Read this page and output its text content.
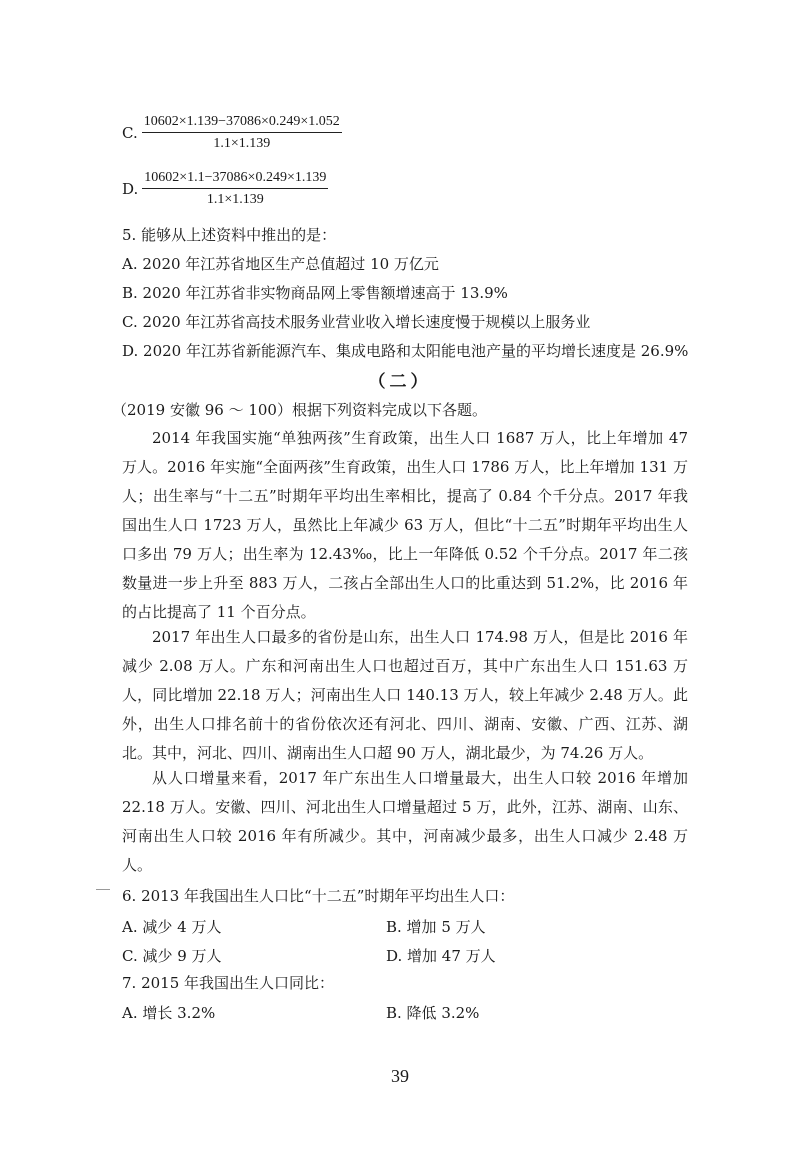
C. $\frac{10602\times 1.139-37086\times 0.249\times 1.052}{1.1\times 1.139}$
D. $\frac{10602\times 1.1-37086\times 0.249\times 1.139}{1.1\times 1.139}$
5. 能够从上述资料中推出的是：
A. 2020 年江苏省地区生产总值超过 10 万亿元
B. 2020 年江苏省非实物商品网上零售额增速高于 13.9%
C. 2020 年江苏省高技术服务业营业收入增长速度慢于规模以上服务业
D. 2020 年江苏省新能源汽车、集成电路和太阳能电池产量的平均增长速度是 26.9%
（二）
（2019 安徽 96 ～ 100）根据下列资料完成以下各题。
2014 年我国实施“单独两孩”生育政策，出生人口 1687 万人，比上年增加 47 万人。2016 年实施“全面两孩”生育政策，出生人口 1786 万人，比上年增加 131 万人；出生率与“十二五”时期年平均出生率相比，提高了 0.84 个千分点。2017 年我国出生人口 1723 万人，虽然比上年减少 63 万人，但比“十二五”时期年平均出生人口多出 79 万人；出生率为 12.43‰，比上一年降低 0.52 个千分点。2017 年二孩数量进一步上升至 883 万人，二孩占全部出生人口的比重达到 51.2%，比 2016 年的占比提高了 11 个百分点。
2017 年出生人口最多的省份是山东，出生人口 174.98 万人，但是比 2016 年减少 2.08 万人。广东和河南出生人口也超过百万，其中广东出生人口 151.63 万人，同比增加 22.18 万人；河南出生人口 140.13 万人，较上年减少 2.48 万人。此外，出生人口排名前十的省份依次还有河北、四川、湖南、安徽、广西、江苏、湖北。其中，河北、四川、湖南出生人口超 90 万人，湖北最少，为 74.26 万人。
从人口增量来看，2017 年广东出生人口增量最大，出生人口较 2016 年增加 22.18 万人。安徽、四川、河北出生人口增量超过 5 万，此外，江苏、湖南、山东、河南出生人口较 2016 年有所减少。其中，河南减少最多，出生人口减少 2.48 万人。
6. 2013 年我国出生人口比“十二五”时期年平均出生人口：
A. 减少 4 万人	B. 增加 5 万人
C. 减少 9 万人	D. 增加 47 万人
7. 2015 年我国出生人口同比：
A. 增长 3.2%	B. 降低 3.2%
39
